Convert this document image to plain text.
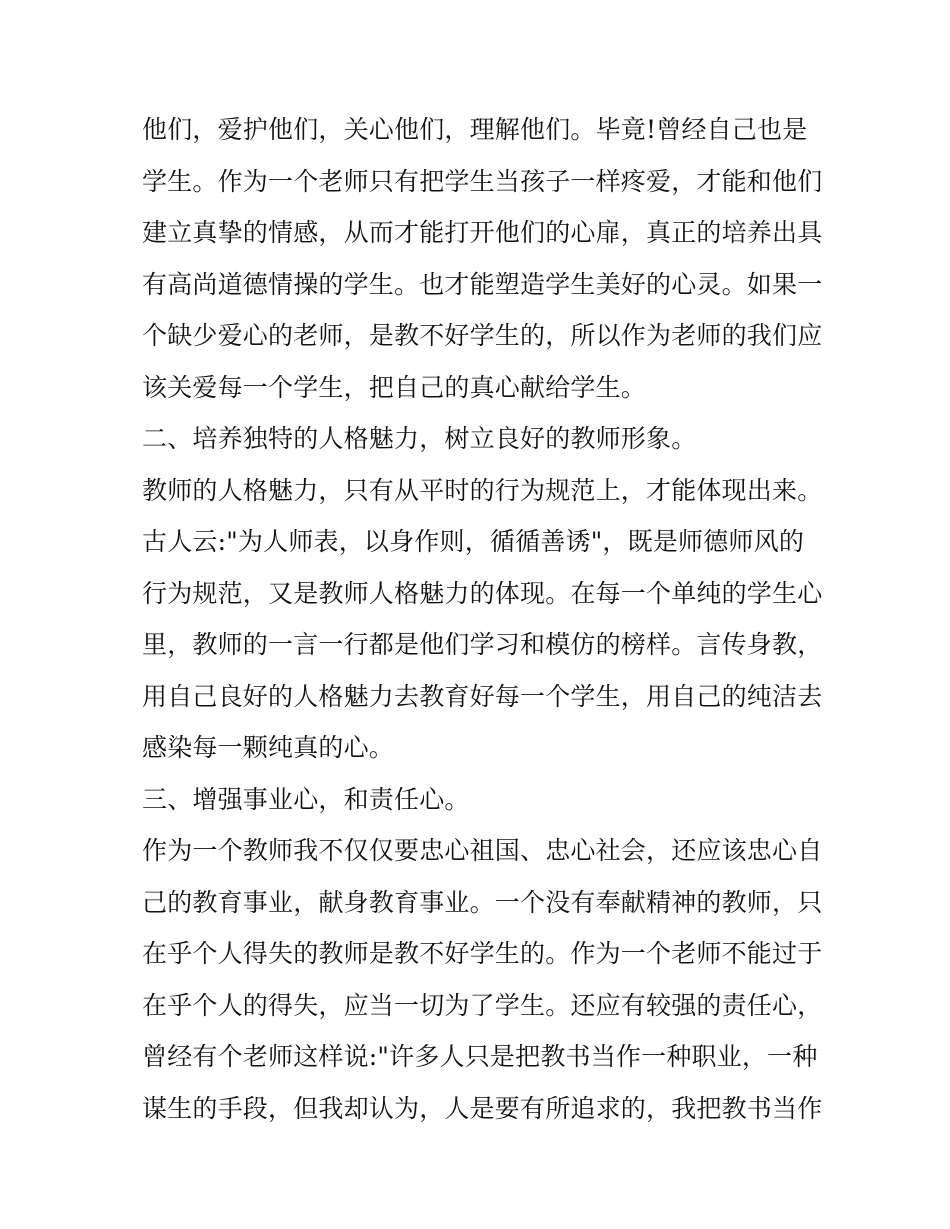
他们，爱护他们，关心他们，理解他们。毕竟!曾经自己也是
学生。作为一个老师只有把学生当孩子一样疼爱，才能和他们
建立真挚的情感，从而才能打开他们的心扉，真正的培养出具
有高尚道德情操的学生。也才能塑造学生美好的心灵。如果一
个缺少爱心的老师，是教不好学生的，所以作为老师的我们应
该关爱每一个学生，把自己的真心献给学生。
二、培养独特的人格魅力，树立良好的教师形象。
教师的人格魅力，只有从平时的行为规范上，才能体现出来。
古人云:"为人师表，以身作则，循循善诱"，既是师德师风的
行为规范，又是教师人格魅力的体现。在每一个单纯的学生心
里，教师的一言一行都是他们学习和模仿的榜样。言传身教，
用自己良好的人格魅力去教育好每一个学生，用自己的纯洁去
感染每一颗纯真的心。
三、增强事业心，和责任心。
作为一个教师我不仅仅要忠心祖国、忠心社会，还应该忠心自
己的教育事业，献身教育事业。一个没有奉献精神的教师，只
在乎个人得失的教师是教不好学生的。作为一个老师不能过于
在乎个人的得失，应当一切为了学生。还应有较强的责任心，
曾经有个老师这样说:"许多人只是把教书当作一种职业，一种
谋生的手段，但我却认为，人是要有所追求的，我把教书当作
